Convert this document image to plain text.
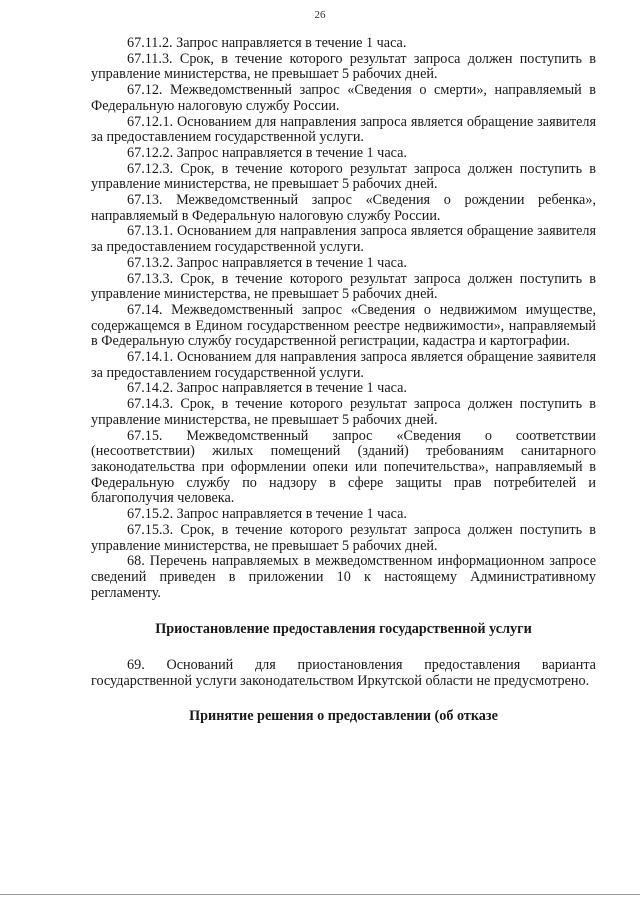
26

67.11.2. Запрос направляется в течение 1 часа.

67.11.3. Срок, в течение которого результат запроса должен поступить в управление министерства, не превышает 5 рабочих дней.

67.12. Межведомственный запрос «Сведения о смерти», направляемый в Федеральную налоговую службу России.

67.12.1. Основанием для направления запроса является обращение заявителя за предоставлением государственной услуги.

67.12.2. Запрос направляется в течение 1 часа.

67.12.3. Срок, в течение которого результат запроса должен поступить в управление министерства, не превышает 5 рабочих дней.

67.13. Межведомственный запрос «Сведения о рождении ребенка», направляемый в Федеральную налоговую службу России.

67.13.1. Основанием для направления запроса является обращение заявителя за предоставлением государственной услуги.

67.13.2. Запрос направляется в течение 1 часа.

67.13.3. Срок, в течение которого результат запроса должен поступить в управление министерства, не превышает 5 рабочих дней.

67.14. Межведомственный запрос «Сведения о недвижимом имуществе, содержащемся в Едином государственном реестре недвижимости», направляемый в Федеральную службу государственной регистрации, кадастра и картографии.

67.14.1. Основанием для направления запроса является обращение заявителя за предоставлением государственной услуги.

67.14.2. Запрос направляется в течение 1 часа.

67.14.3. Срок, в течение которого результат запроса должен поступить в управление министерства, не превышает 5 рабочих дней.

67.15. Межведомственный запрос «Сведения о соответствии (несоответствии) жилых помещений (зданий) требованиям санитарного законодательства при оформлении опеки или попечительства», направляемый в Федеральную службу по надзору в сфере защиты прав потребителей и благополучия человека.

67.15.2. Запрос направляется в течение 1 часа.

67.15.3. Срок, в течение которого результат запроса должен поступить в управление министерства, не превышает 5 рабочих дней.

68. Перечень направляемых в межведомственном информационном запросе сведений приведен в приложении 10 к настоящему Административному регламенту.

Приостановление предоставления государственной услуги

69. Оснований для приостановления предоставления варианта государственной услуги законодательством Иркутской области не предусмотрено.

Принятие решения о предоставлении (об отказе
